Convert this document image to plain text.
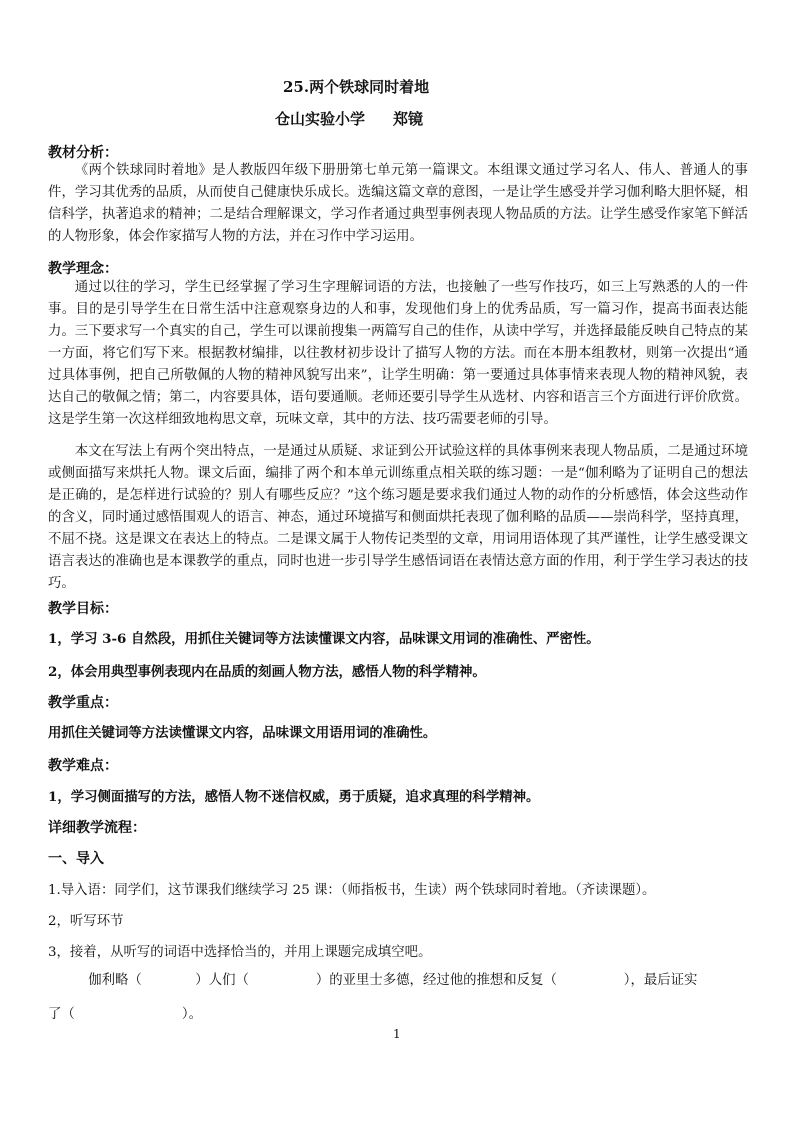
25.两个铁球同时着地
仓山实验小学 郑镜
教材分析：

《两个铁球同时着地》是人教版四年级下册册第七单元第一篇课文。本组课文通过学习名人、伟人、普通人的事件，学习其优秀的品质，从而使自己健康快乐成长。选编这篇文章的意图，一是让学生感受并学习伽利略大胆怀疑，相信科学，执著追求的精神；二是结合理解课文，学习作者通过典型事例表现人物品质的方法。让学生感受作家笔下鲜活的人物形象，体会作家描写人物的方法，并在习作中学习运用。

教学理念：

通过以往的学习，学生已经掌握了学习生字理解词语的方法，也接触了一些写作技巧，如三上写熟悉的人的一件事。目的是引导学生在日常生活中注意观察身边的人和事，发现他们身上的优秀品质，写一篇习作，提高书面表达能力。三下要求写一个真实的自己，学生可以课前搜集一两篇写自己的佳作，从读中学写，并选择最能反映自己特点的某一方面，将它们写下来。根据教材编排，以往教材初步设计了描写人物的方法。而在本册本组教材，则第一次提出“通过具体事例，把自己所敬佩的人物的精神风貌写出来”，让学生明确：第一要通过具体事情来表现人物的精神风貌，表达自己的敬佩之情；第二，内容要具体，语句要通顺。老师还要引导学生从选材、内容和语言三个方面进行评价欣赏。这是学生第一次这样细致地构思文章，玩味文章，其中的方法、技巧需要老师的引导。

本文在写法上有两个突出特点，一是通过从质疑、求证到公开试验这样的具体事例来表现人物品质，二是通过环境或侧面描写来烘托人物。课文后面，编排了两个和本单元训练重点相关联的练习题：一是“伽利略为了证明自己的想法是正确的，是怎样进行试验的？别人有哪些反应？”这个练习题是要求我们通过人物的动作的分析感悟，体会这些动作的含义，同时通过感悟围观人的语言、神态，通过环境描写和侧面烘托表现了伽利略的品质——崇尚科学，坚持真理，不屈不挠。这是课文在表达上的特点。二是课文属于人物传记类型的文章，用词用语体现了其严谨性，让学生感受课文语言表达的准确也是本课教学的重点，同时也进一步引导学生感悟词语在表情达意方面的作用，利于学生学习表达的技巧。

教学目标：
1，学习 3-6 自然段，用抓住关键词等方法读懂课文内容，品味课文用词的准确性、严密性。
2，体会用典型事例表现内在品质的刻画人物方法，感悟人物的科学精神。
教学重点：
用抓住关键词等方法读懂课文内容，品味课文用语用词的准确性。
教学难点：
1，学习侧面描写的方法，感悟人物不迷信权威，勇于质疑，追求真理的科学精神。
详细教学流程：
一、导入
1.导入语：同学们，这节课我们继续学习 25 课：（师指板书，生读）两个铁球同时着地。（齐读课题）。
2，听写环节
3，接着，从听写的词语中选择恰当的，并用上课题完成填空吧。

伽利略（　　　　）人们（　　　　　）的亚里士多德，经过他的推想和反复（　　　　　），最后证实
了（　　　　　　　　）。

1
